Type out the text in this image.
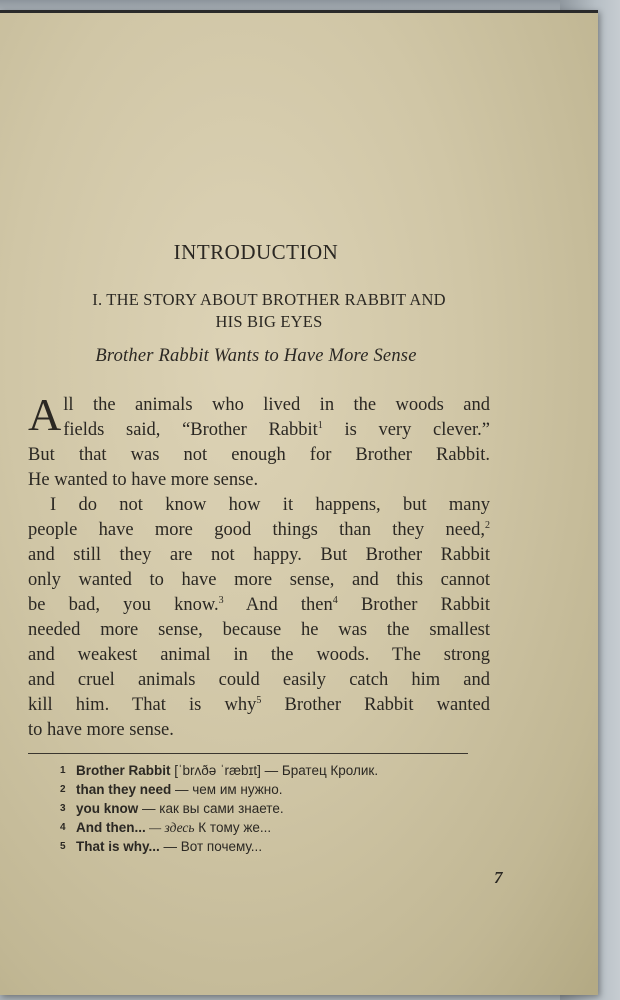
INTRODUCTION
I. THE STORY ABOUT BROTHER RABBIT AND
HIS BIG EYES
Brother Rabbit Wants to Have More Sense
A ll the animals who lived in the woods and

fields said, “Brother Rabbit$^1$ is very clever.”

But that was not enough for Brother Rabbit.

He wanted to have more sense.

I do not know how it happens, but many

people have more good things than they need,$^2$

and still they are not happy. But Brother Rabbit

only wanted to have more sense, and this cannot

be bad, you know.$^3$ And then$^4$ Brother Rabbit

needed more sense, because he was the smallest

and weakest animal in the woods. The strong

and cruel animals could easily catch him and

kill him. That is why$^5$ Brother Rabbit wanted

to have more sense.

1 Brother Rabbit [ˈbrʌðə ˈræbɪt] — Братец Кролик.
2 than they need — чем им нужно.
3 you know — как вы сами знаете.
4 And then... — здесь К тому же...
5 That is why... — Вот почему...
7
